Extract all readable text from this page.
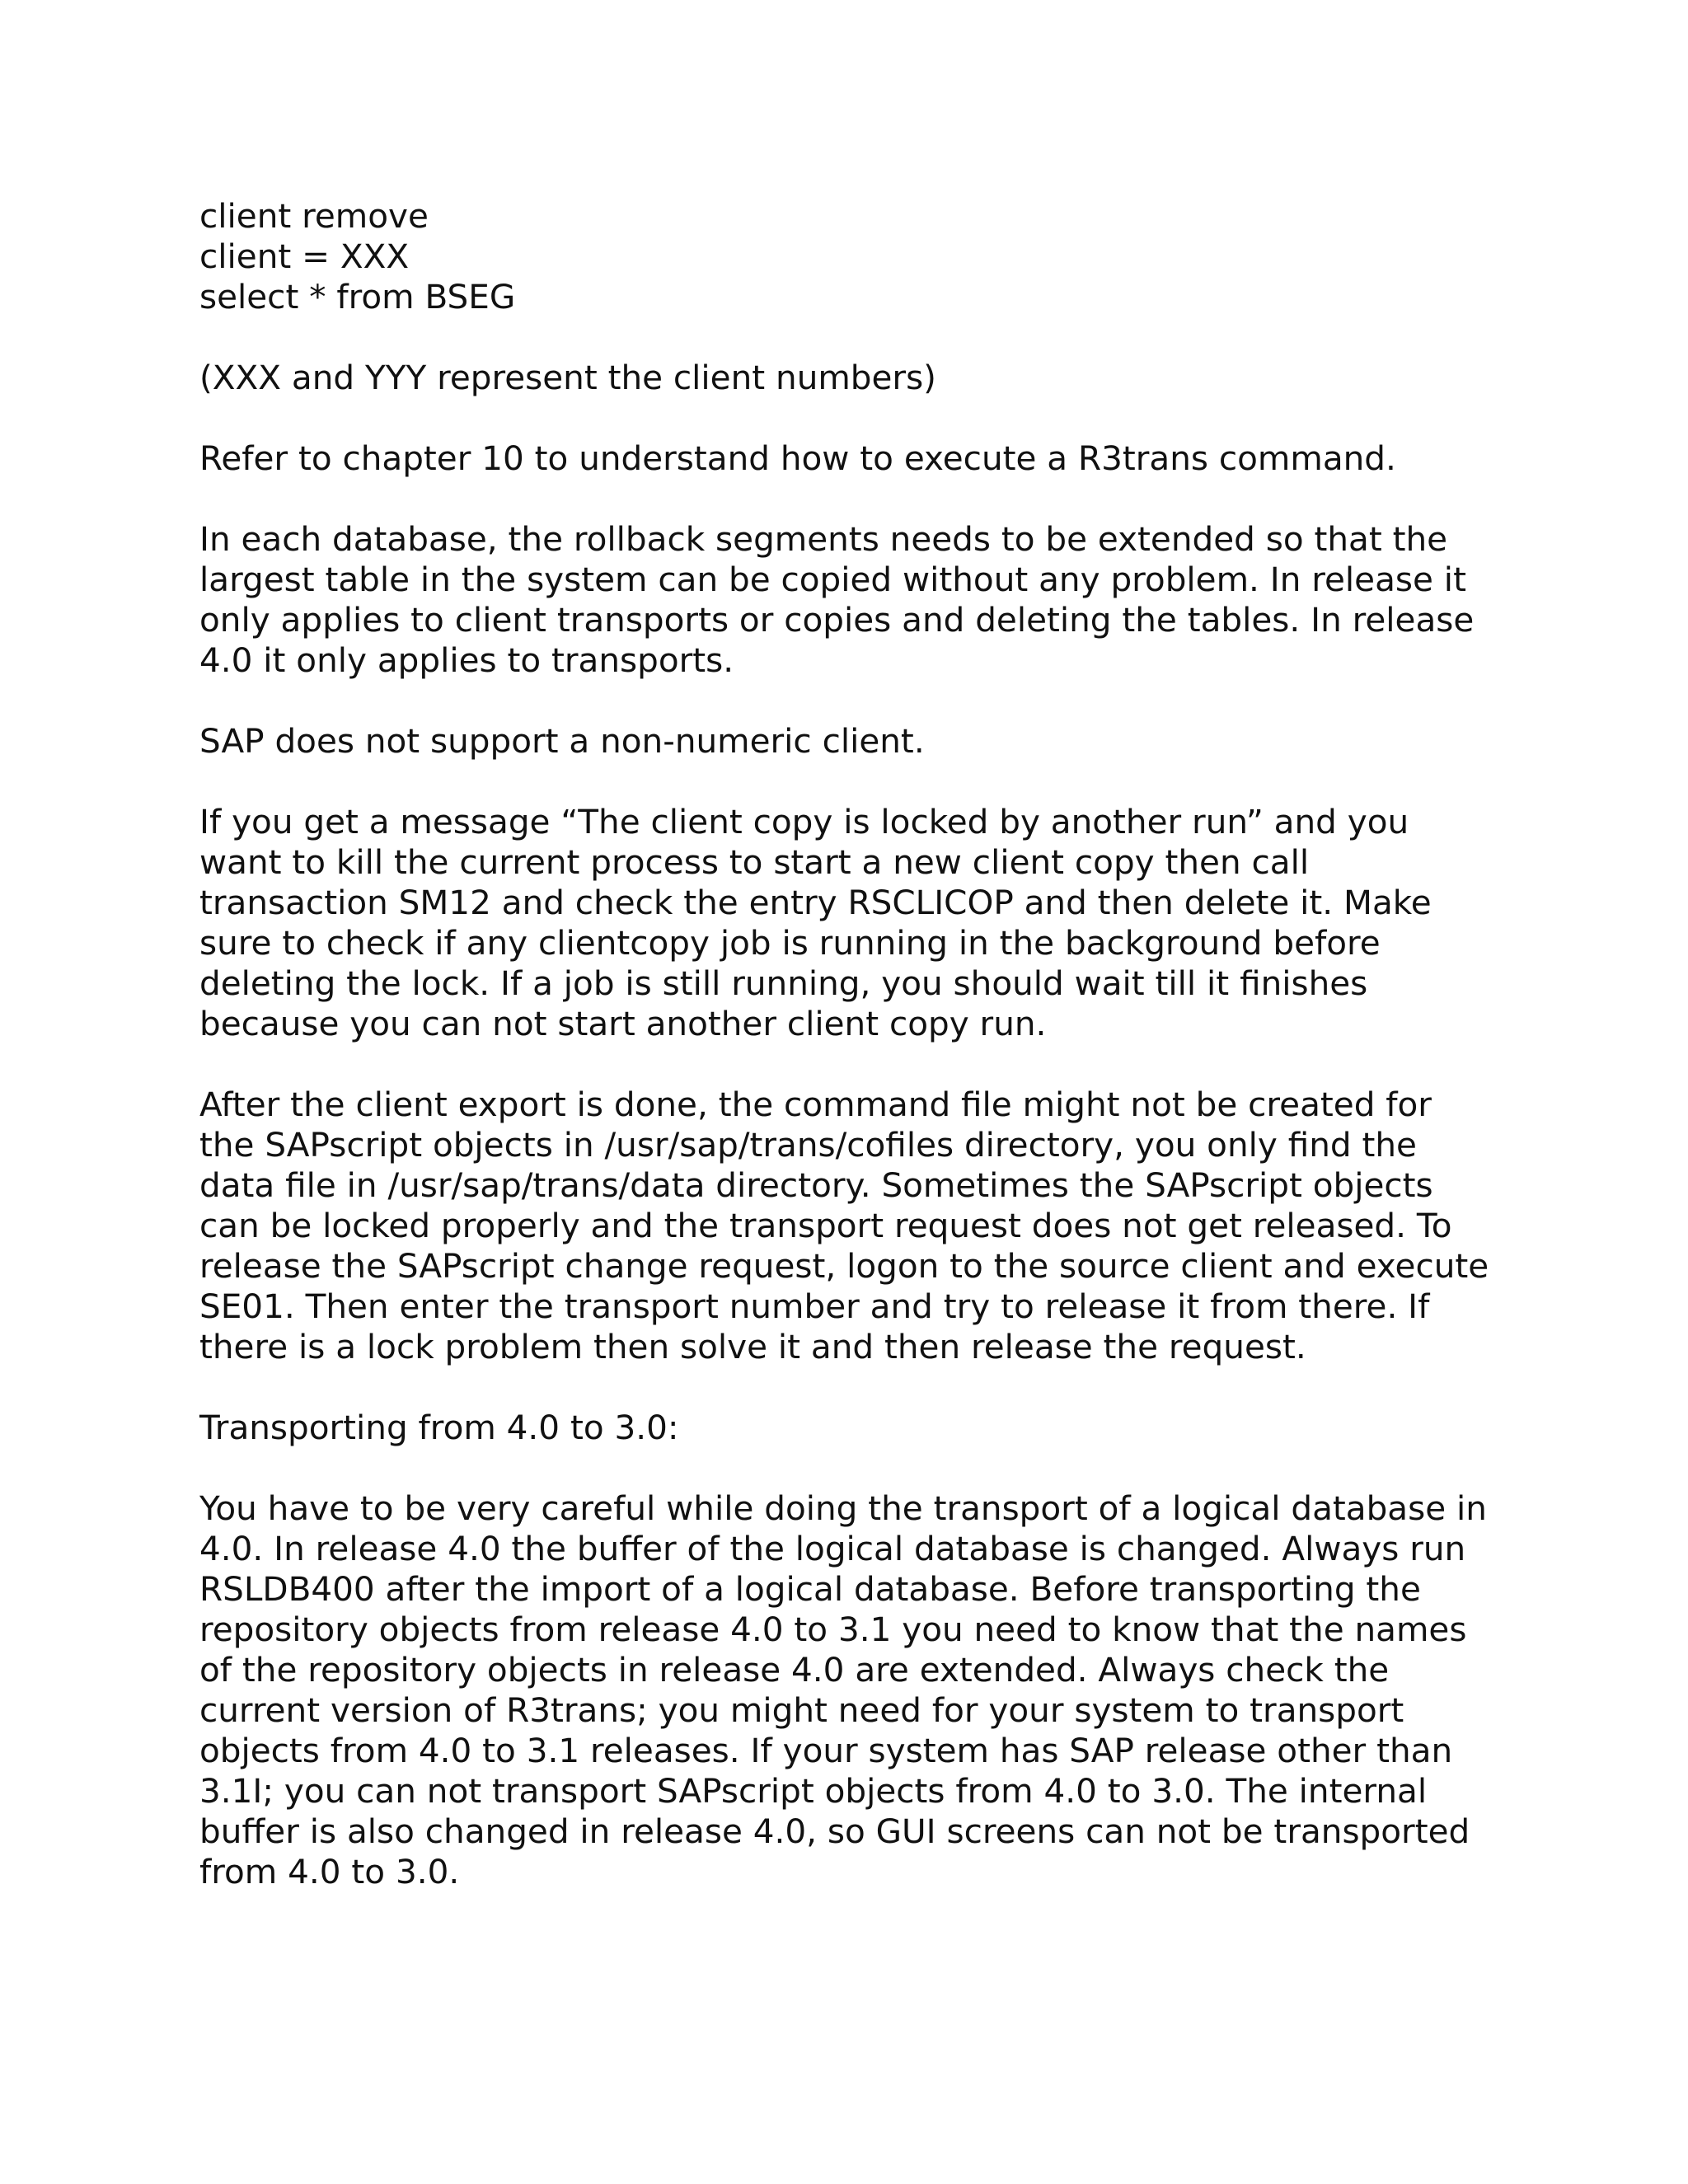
client remove
client = XXX
select * from BSEG
(XXX and YYY represent the client numbers)
Refer to chapter 10 to understand how to execute a R3trans command.
In each database, the rollback segments needs to be extended so that the
largest table in the system can be copied without any problem. In release it
only applies to client transports or copies and deleting the tables. In release
4.0 it only applies to transports.
SAP does not support a non-numeric client.
If you get a message “The client copy is locked by another run” and you
want to kill the current process to start a new client copy then call
transaction SM12 and check the entry RSCLICOP and then delete it. Make
sure to check if any clientcopy job is running in the background before
deleting the lock. If a job is still running, you should wait till it finishes
because you can not start another client copy run.
After the client export is done, the command file might not be created for
the SAPscript objects in /usr/sap/trans/cofiles directory, you only find the
data file in /usr/sap/trans/data directory. Sometimes the SAPscript objects
can be locked properly and the transport request does not get released. To
release the SAPscript change request, logon to the source client and execute
SE01. Then enter the transport number and try to release it from there. If
there is a lock problem then solve it and then release the request.
Transporting from 4.0 to 3.0:
You have to be very careful while doing the transport of a logical database in
4.0. In release 4.0 the buffer of the logical database is changed. Always run
RSLDB400 after the import of a logical database. Before transporting the
repository objects from release 4.0 to 3.1 you need to know that the names
of the repository objects in release 4.0 are extended. Always check the
current version of R3trans; you might need for your system to transport
objects from 4.0 to 3.1 releases. If your system has SAP release other than
3.1I; you can not transport SAPscript objects from 4.0 to 3.0. The internal
buffer is also changed in release 4.0, so GUI screens can not be transported
from 4.0 to 3.0.
